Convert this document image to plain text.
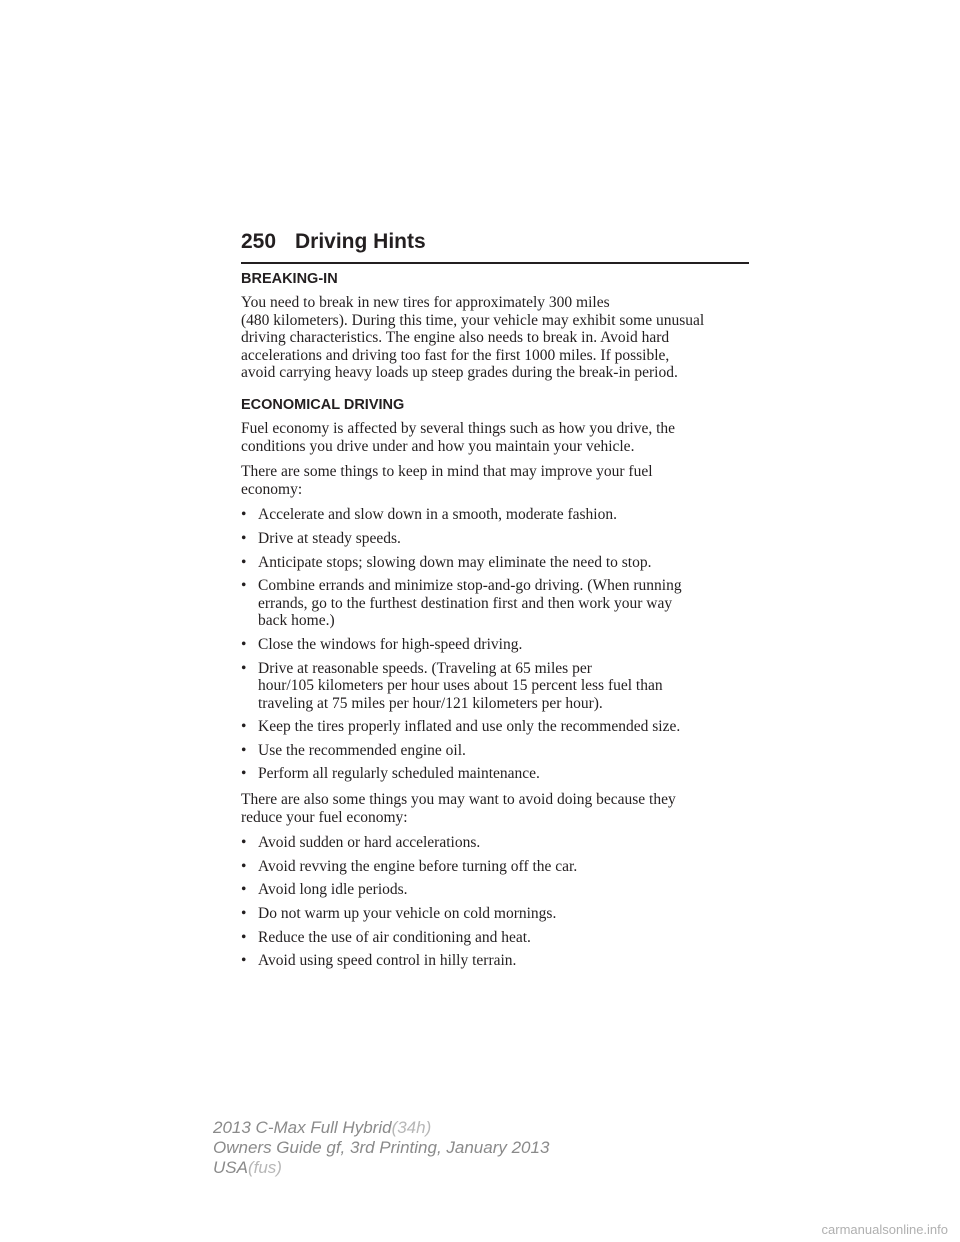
250 Driving Hints
BREAKING-IN
You need to break in new tires for approximately 300 miles
(480 kilometers). During this time, your vehicle may exhibit some unusual
driving characteristics. The engine also needs to break in. Avoid hard
accelerations and driving too fast for the first 1000 miles. If possible,
avoid carrying heavy loads up steep grades during the break-in period.
ECONOMICAL DRIVING
Fuel economy is affected by several things such as how you drive, the
conditions you drive under and how you maintain your vehicle.
There are some things to keep in mind that may improve your fuel
economy:
• Accelerate and slow down in a smooth, moderate fashion.
• Drive at steady speeds.
• Anticipate stops; slowing down may eliminate the need to stop.
• Combine errands and minimize stop-and-go driving. (When running
errands, go to the furthest destination first and then work your way
back home.)
• Close the windows for high-speed driving.
• Drive at reasonable speeds. (Traveling at 65 miles per
hour/105 kilometers per hour uses about 15 percent less fuel than
traveling at 75 miles per hour/121 kilometers per hour).
• Keep the tires properly inflated and use only the recommended size.
• Use the recommended engine oil.
• Perform all regularly scheduled maintenance.
There are also some things you may want to avoid doing because they
reduce your fuel economy:
• Avoid sudden or hard accelerations.
• Avoid revving the engine before turning off the car.
• Avoid long idle periods.
• Do not warm up your vehicle on cold mornings.
• Reduce the use of air conditioning and heat.
• Avoid using speed control in hilly terrain.
2013 C-Max Full Hybrid(34h)
Owners Guide gf, 3rd Printing, January 2013
USA(fus)
carmanualsonline.info
